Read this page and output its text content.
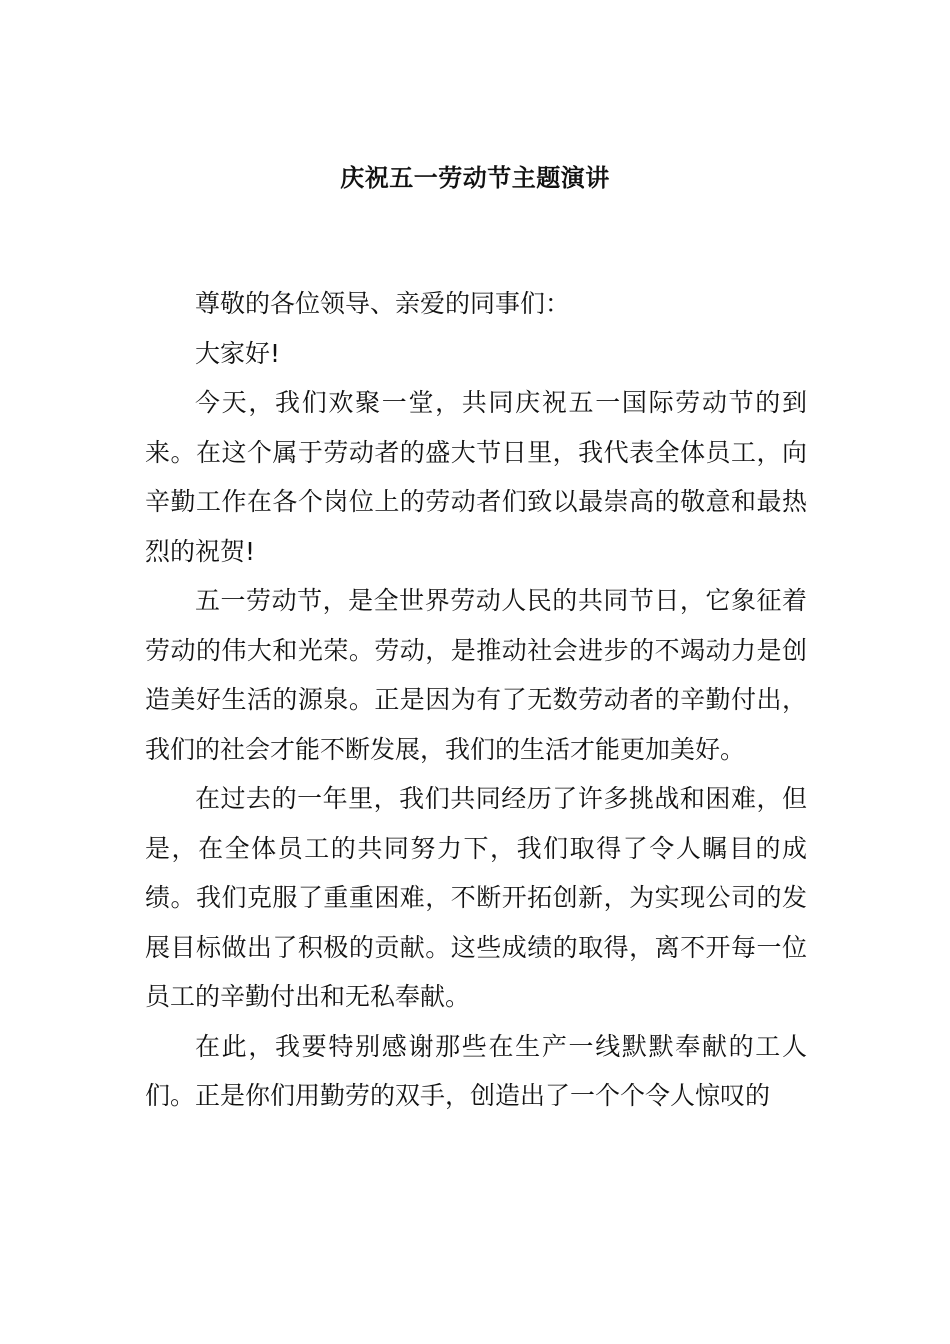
庆祝五一劳动节主题演讲

尊敬的各位领导、亲爱的同事们：

大家好!

今天，我们欢聚一堂，共同庆祝五一国际劳动节的到来。在这个属于劳动者的盛大节日里，我代表全体员工，向辛勤工作在各个岗位上的劳动者们致以最崇高的敬意和最热烈的祝贺!

五一劳动节，是全世界劳动人民的共同节日，它象征着劳动的伟大和光荣。劳动，是推动社会进步的不竭动力是创造美好生活的源泉。正是因为有了无数劳动者的辛勤付出，我们的社会才能不断发展，我们的生活才能更加美好。

在过去的一年里，我们共同经历了许多挑战和困难，但是，在全体员工的共同努力下，我们取得了令人瞩目的成绩。我们克服了重重困难，不断开拓创新，为实现公司的发展目标做出了积极的贡献。这些成绩的取得，离不开每一位员工的辛勤付出和无私奉献。

在此，我要特别感谢那些在生产一线默默奉献的工人们。正是你们用勤劳的双手，创造出了一个个令人惊叹的
